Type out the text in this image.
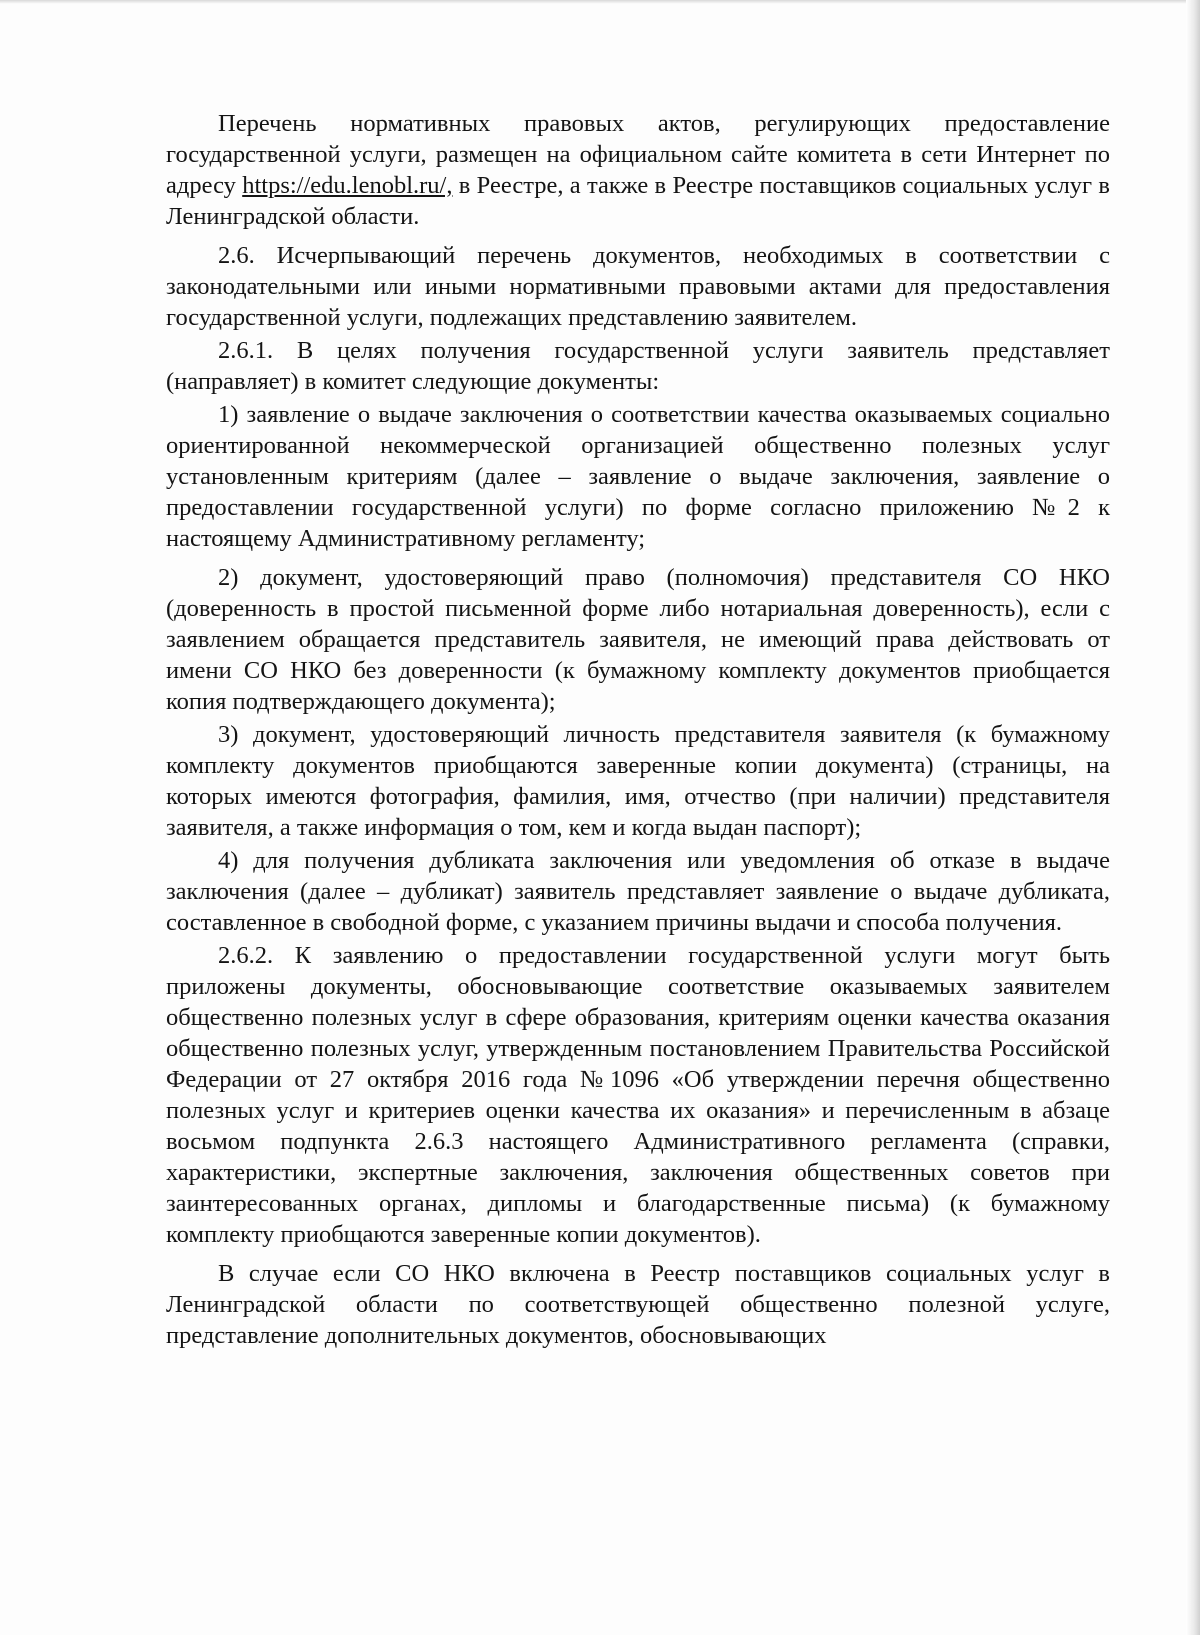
Перечень нормативных правовых актов, регулирующих предоставление государственной услуги, размещен на официальном сайте комитета в сети Интернет по адресу https://edu.lenobl.ru/, в Реестре, а также в Реестре поставщиков социальных услуг в Ленинградской области.

2.6. Исчерпывающий перечень документов, необходимых в соответствии с законодательными или иными нормативными правовыми актами для предоставления государственной услуги, подлежащих представлению заявителем.

2.6.1. В целях получения государственной услуги заявитель представляет (направляет) в комитет следующие документы:

1) заявление о выдаче заключения о соответствии качества оказываемых социально ориентированной некоммерческой организацией общественно полезных услуг установленным критериям (далее – заявление о выдаче заключения, заявление о предоставлении государственной услуги) по форме согласно приложению №2 к настоящему Административному регламенту;

2) документ, удостоверяющий право (полномочия) представителя СО НКО (доверенность в простой письменной форме либо нотариальная доверенность), если с заявлением обращается представитель заявителя, не имеющий права действовать от имени СО НКО без доверенности (к бумажному комплекту документов приобщается копия подтверждающего документа);

3) документ, удостоверяющий личность представителя заявителя (к бумажному комплекту документов приобщаются заверенные копии документа) (страницы, на которых имеются фотография, фамилия, имя, отчество (при наличии) представителя заявителя, а также информация о том, кем и когда выдан паспорт);

4) для получения дубликата заключения или уведомления об отказе в выдаче заключения (далее – дубликат) заявитель представляет заявление о выдаче дубликата, составленное в свободной форме, с указанием причины выдачи и способа получения.

2.6.2. К заявлению о предоставлении государственной услуги могут быть приложены документы, обосновывающие соответствие оказываемых заявителем общественно полезных услуг в сфере образования, критериям оценки качества оказания общественно полезных услуг, утвержденным постановлением Правительства Российской Федерации от 27 октября 2016 года №1096 «Об утверждении перечня общественно полезных услуг и критериев оценки качества их оказания» и перечисленным в абзаце восьмом подпункта 2.6.3 настоящего Административного регламента (справки, характеристики, экспертные заключения, заключения общественных советов при заинтересованных органах, дипломы и благодарственные письма) (к бумажному комплекту приобщаются заверенные копии документов).

В случае если СО НКО включена в Реестр поставщиков социальных услуг в Ленинградской области по соответствующей общественно полезной услуге, представление дополнительных документов, обосновывающих
